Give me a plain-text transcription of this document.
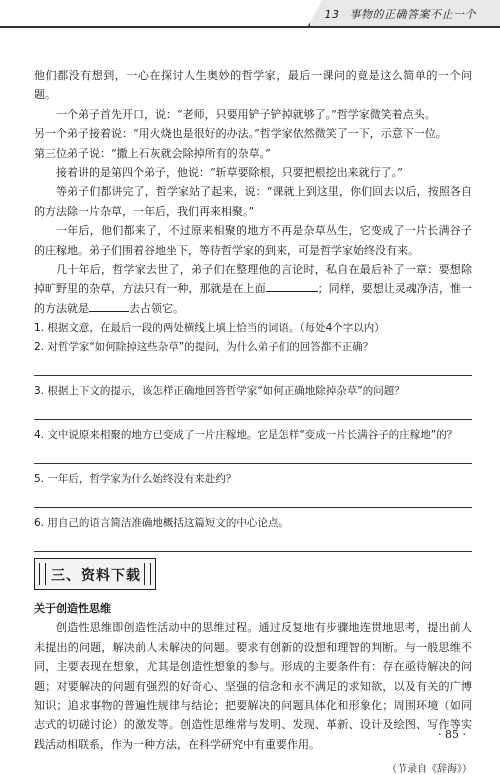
13 事物的正确答案不止一个

他们都没有想到，一心在探讨人生奥妙的哲学家，最后一课问的竟是这么简单的一个问题。

一个弟子首先开口，说：“老师，只要用铲子铲掉就够了。”哲学家微笑着点头。

另一个弟子接着说：“用火烧也是很好的办法。”哲学家依然微笑了一下，示意下一位。

第三位弟子说：“撒上石灰就会除掉所有的杂草。”

接着讲的是第四个弟子，他说：“斩草要除根，只要把根挖出来就行了。”

等弟子们都讲完了，哲学家站了起来，说：“课就上到这里，你们回去以后，按照各自的方法除一片杂草，一年后，我们再来相聚。”

一年后，他们都来了，不过原来相聚的地方不再是杂草丛生，它变成了一片长满谷子的庄稼地。弟子们围着谷地坐下，等待哲学家的到来，可是哲学家始终没有来。

几十年后，哲学家去世了，弟子们在整理他的言论时，私自在最后补了一章：要想除掉旷野里的杂草，方法只有一种，那就是在上面	；同样，要想让灵魂净洁，惟一的方法就是	去占领它。

1. 根据文意，在最后一段的两处横线上填上恰当的词语。（每处4个字以内）

2. 对哲学家“如何除掉这些杂草”的提问，为什么弟子们的回答都不正确？

3. 根据上下文的提示，该怎样正确地回答哲学家“如何正确地除掉杂草”的问题？

4. 文中说原来相聚的地方已变成了一片庄稼地。它是怎样“变成一片长满谷子的庄稼地”的？

5. 一年后，哲学家为什么始终没有来赴约？

6. 用自己的语言简洁准确地概括这篇短文的中心论点。

三、资料下载
关于创造性思维

创造性思维即创造性活动中的思维过程。通过反复地有步骤地连贯地思考，提出前人未提出的问题，解决前人未解决的问题。要求有创新的设想和理智的判断。与一般思维不同，主要表现在想象，尤其是创造性想象的参与。形成的主要条件有：存在亟待解决的问题；对要解决的问题有强烈的好奇心、坚强的信念和永不满足的求知欲，以及有关的广博知识；追求事物的普遍性规律与结论；把要解决的问题具体化和形象化；周围环境（如同志式的切磋讨论）的激发等。创造性思维常与发明、发现、革新、设计及绘图、写作等实践活动相联系，作为一种方法，在科学研究中有重要作用。

（节录自《辞海》）
· 85 ·
